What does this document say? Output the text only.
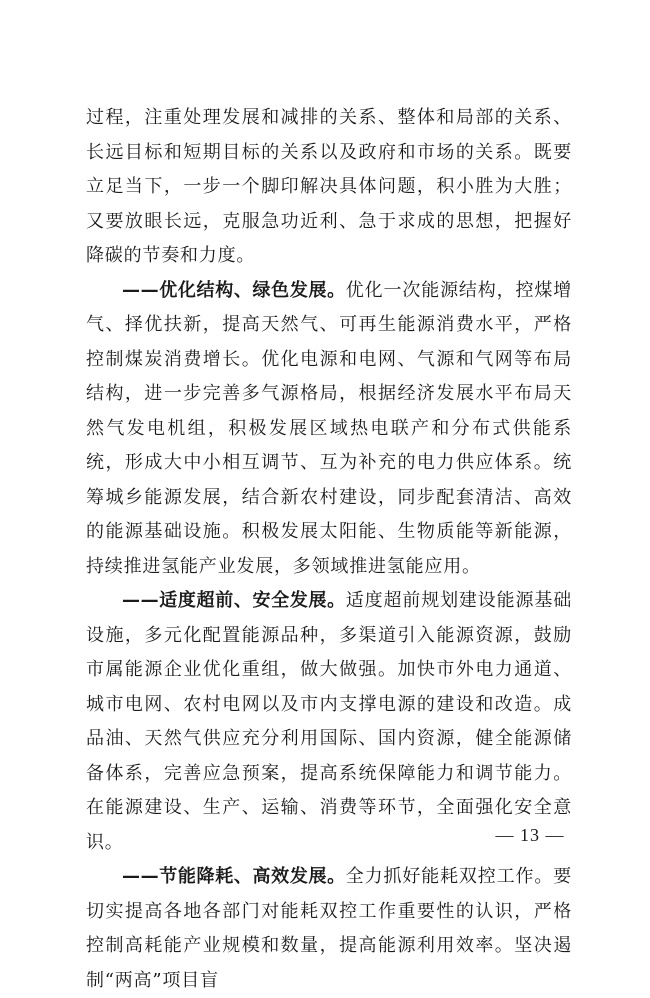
过程，注重处理发展和减排的关系、整体和局部的关系、长远目标和短期目标的关系以及政府和市场的关系。既要立足当下，一步一个脚印解决具体问题，积小胜为大胜；又要放眼长远，克服急功近利、急于求成的思想，把握好降碳的节奏和力度。

——优化结构、绿色发展。优化一次能源结构，控煤增气、择优扶新，提高天然气、可再生能源消费水平，严格控制煤炭消费增长。优化电源和电网、气源和气网等布局结构，进一步完善多气源格局，根据经济发展水平布局天然气发电机组，积极发展区域热电联产和分布式供能系统，形成大中小相互调节、互为补充的电力供应体系。统筹城乡能源发展，结合新农村建设，同步配套清洁、高效的能源基础设施。积极发展太阳能、生物质能等新能源，持续推进氢能产业发展，多领域推进氢能应用。

——适度超前、安全发展。适度超前规划建设能源基础设施，多元化配置能源品种，多渠道引入能源资源，鼓励市属能源企业优化重组，做大做强。加快市外电力通道、城市电网、农村电网以及市内支撑电源的建设和改造。成品油、天然气供应充分利用国际、国内资源，健全能源储备体系，完善应急预案，提高系统保障能力和调节能力。在能源建设、生产、运输、消费等环节，全面强化安全意识。

——节能降耗、高效发展。全力抓好能耗双控工作。要切实提高各地各部门对能耗双控工作重要性的认识，严格控制高耗能产业规模和数量，提高能源利用效率。坚决遏制“两高”项目盲

— 13 —
